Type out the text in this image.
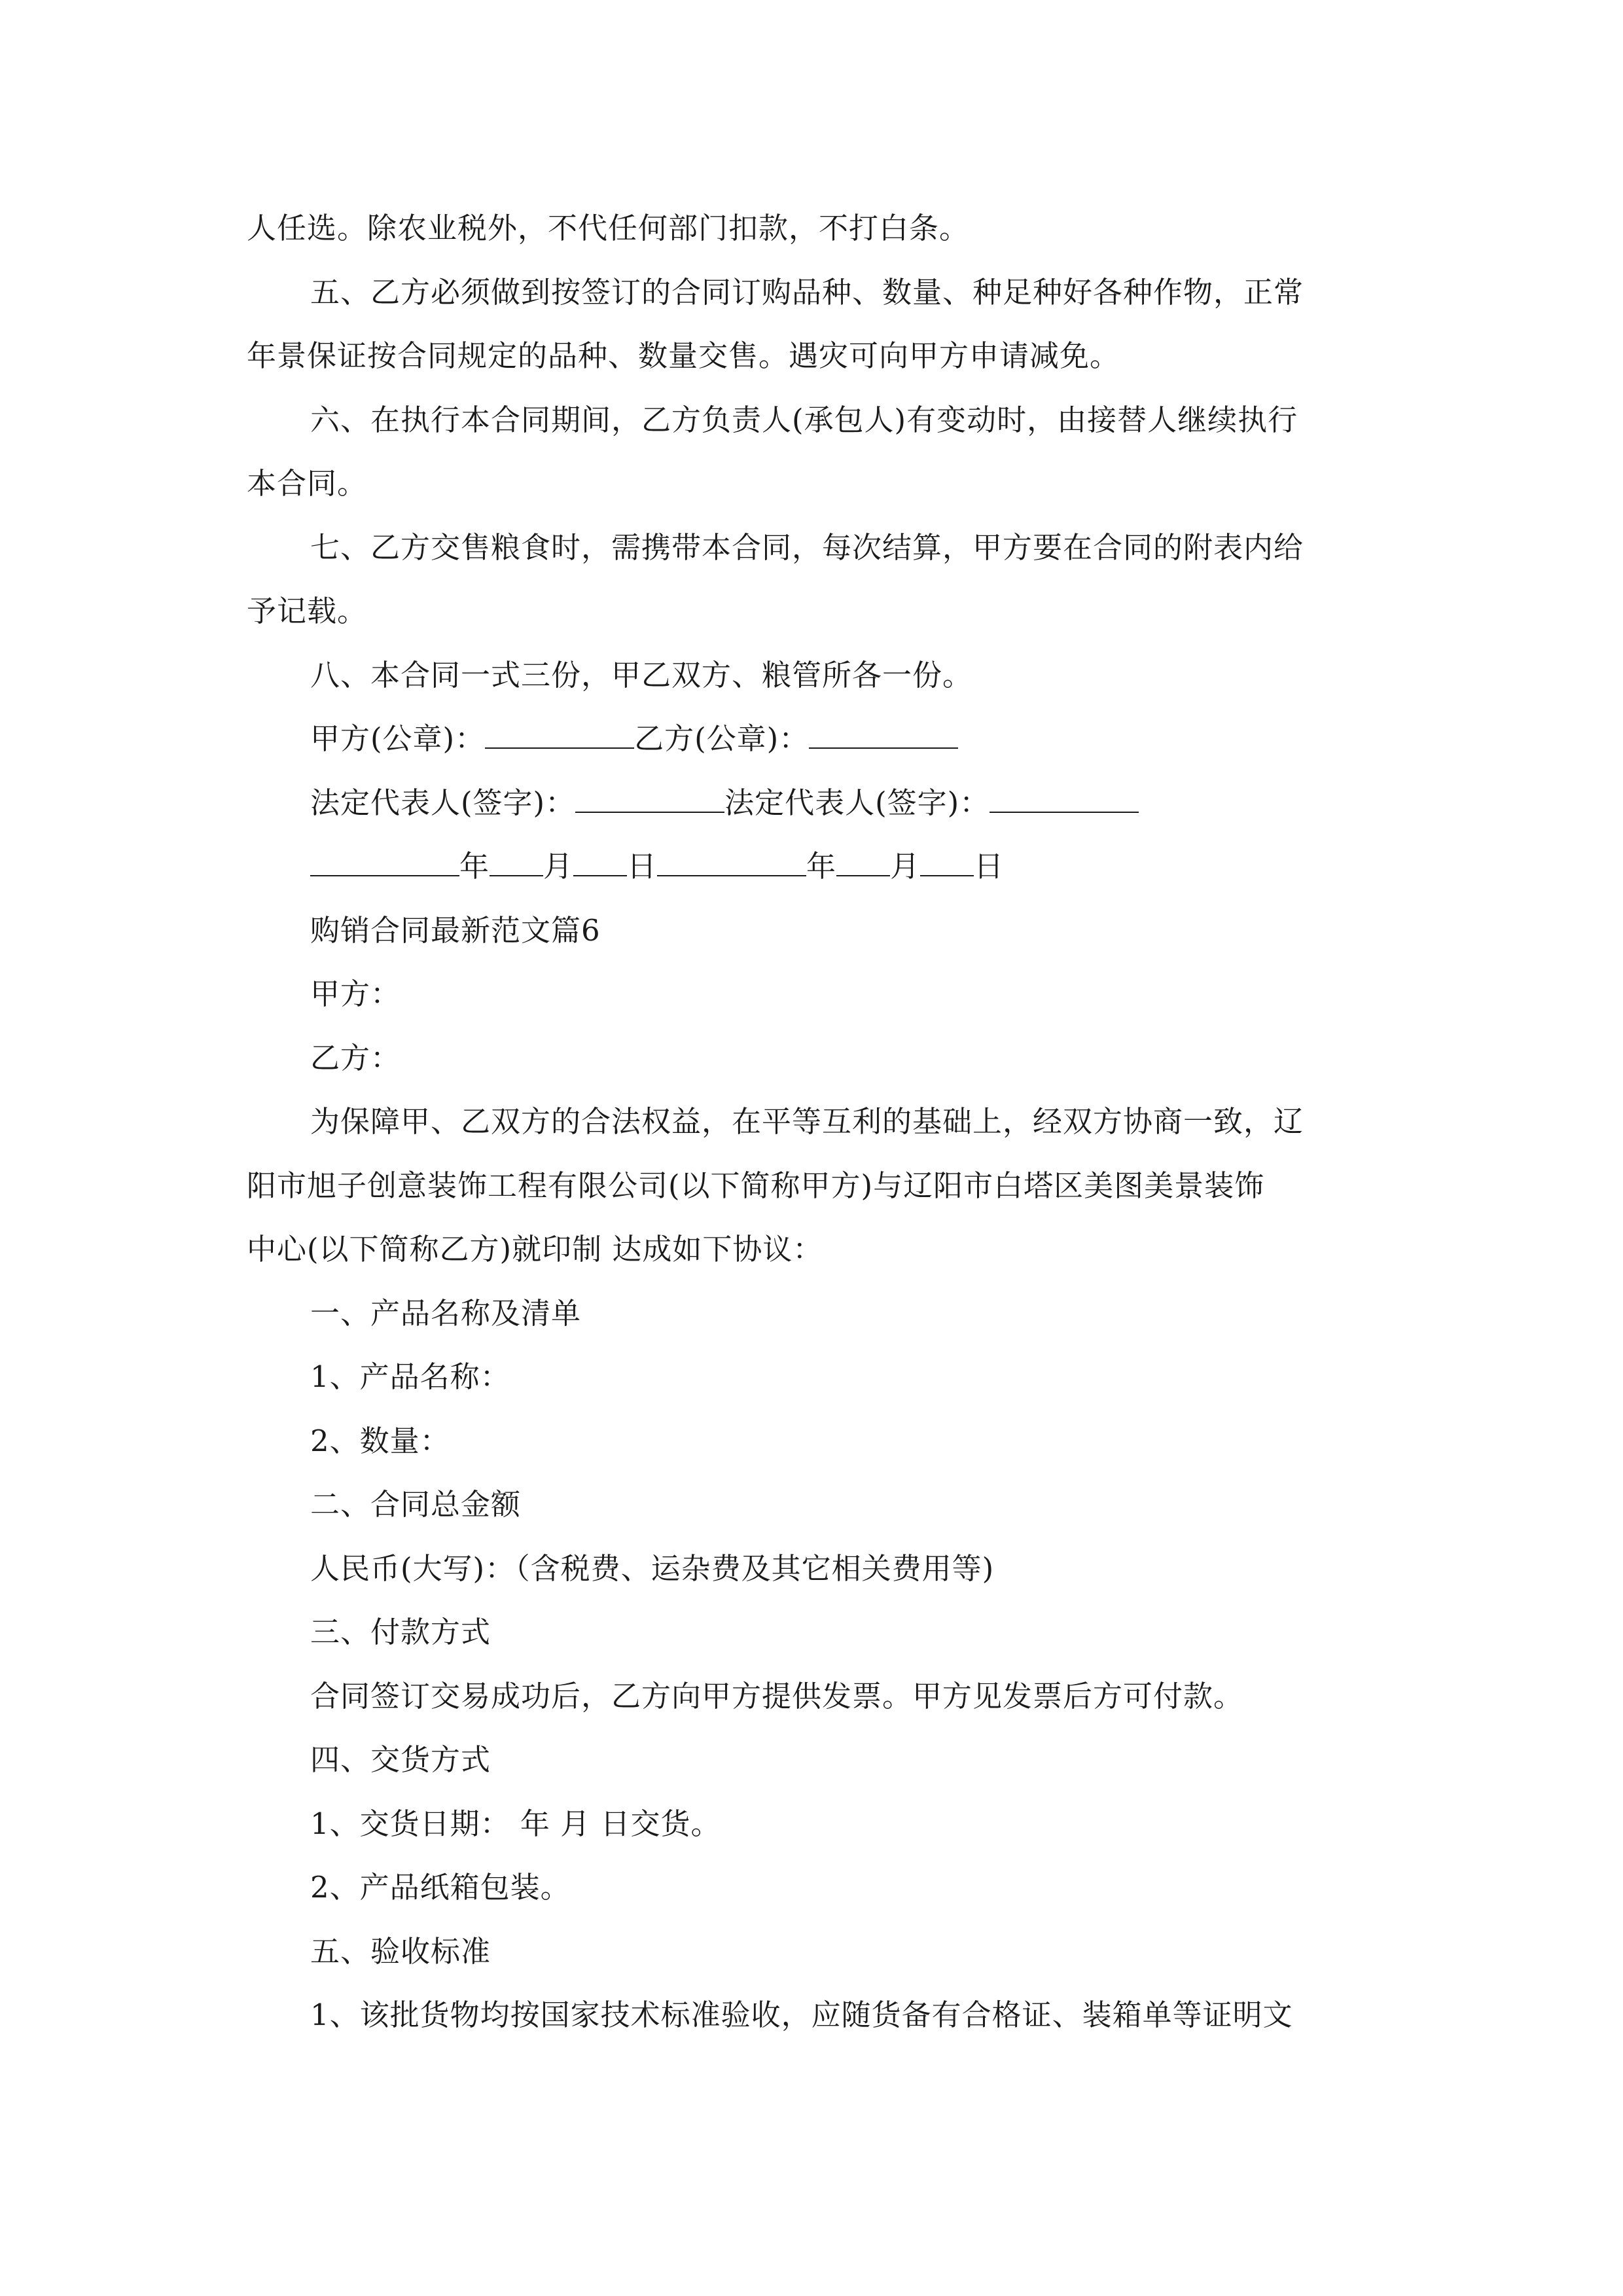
人任选。除农业税外，不代任何部门扣款，不打白条。
五、乙方必须做到按签订的合同订购品种、数量、种足种好各种作物，正常
年景保证按合同规定的品种、数量交售。遇灾可向甲方申请减免。
六、在执行本合同期间，乙方负责人(承包人)有变动时，由接替人继续执行
本合同。
七、乙方交售粮食时，需携带本合同，每次结算，甲方要在合同的附表内给
予记载。
八、本合同一式三份，甲乙双方、粮管所各一份。
甲方(公章)：	乙方(公章)：
法定代表人(签字)：	法定代表人(签字)：
年 月 日	年 月 日
购销合同最新范文篇6
甲方：
乙方：
为保障甲、乙双方的合法权益，在平等互利的基础上，经双方协商一致，辽
阳市旭子创意装饰工程有限公司(以下简称甲方)与辽阳市白塔区美图美景装饰
中心(以下简称乙方)就印制 达成如下协议：
一、产品名称及清单
1、产品名称：
2、数量：
二、合同总金额
人民币(大写)：（含税费、运杂费及其它相关费用等)
三、付款方式
合同签订交易成功后，乙方向甲方提供发票。甲方见发票后方可付款。
四、交货方式
1、交货日期： 年 月 日交货。
2、产品纸箱包装。
五、验收标准
1、该批货物均按国家技术标准验收，应随货备有合格证、装箱单等证明文
